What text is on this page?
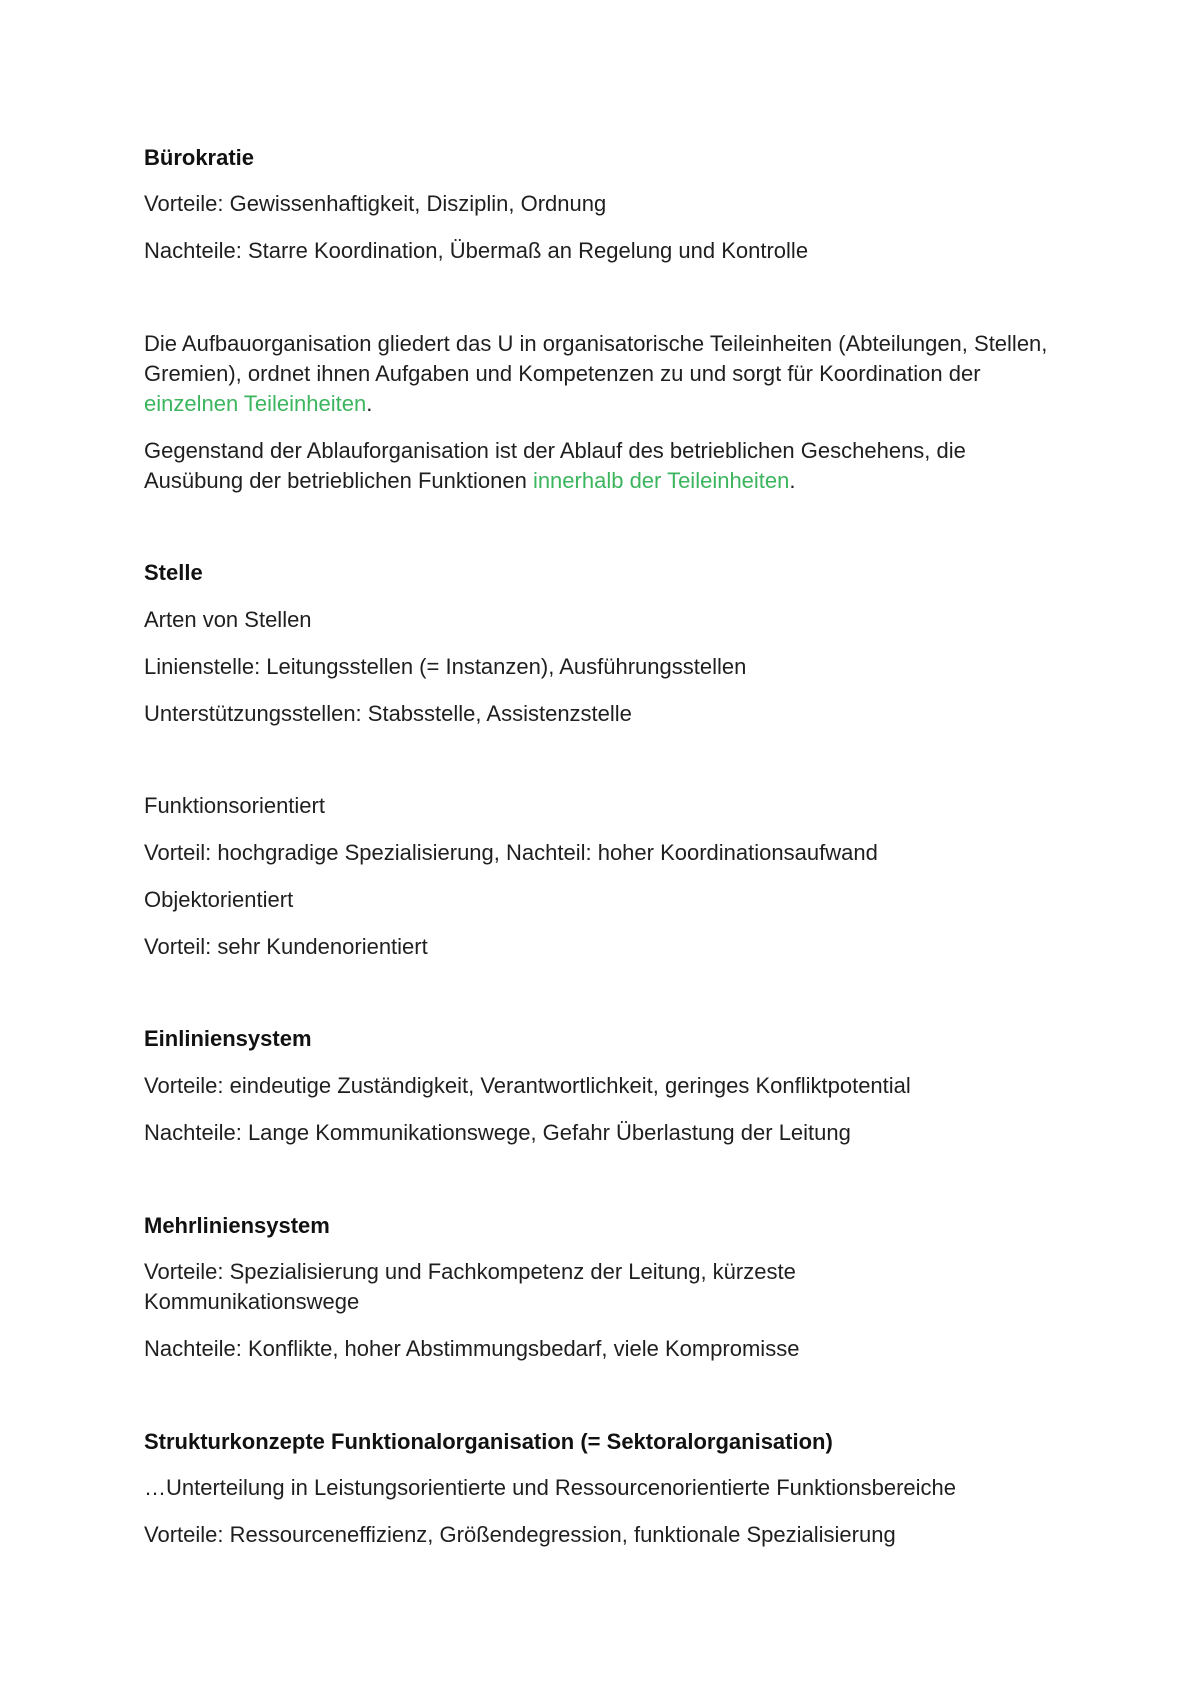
Bürokratie
Vorteile: Gewissenhaftigkeit, Disziplin, Ordnung
Nachteile: Starre Koordination, Übermaß an Regelung und Kontrolle
Die Aufbauorganisation gliedert das U in organisatorische Teileinheiten (Abteilungen, Stellen, Gremien), ordnet ihnen Aufgaben und Kompetenzen zu und sorgt für Koordination der einzelnen Teileinheiten.
Gegenstand der Ablauforganisation ist der Ablauf des betrieblichen Geschehens, die Ausübung der betrieblichen Funktionen innerhalb der Teileinheiten.
Stelle
Arten von Stellen
Linienstelle: Leitungsstellen (= Instanzen), Ausführungsstellen
Unterstützungsstellen: Stabsstelle, Assistenzstelle
Funktionsorientiert
Vorteil: hochgradige Spezialisierung, Nachteil: hoher Koordinationsaufwand
Objektorientiert
Vorteil: sehr Kundenorientiert
Einliniensystem
Vorteile: eindeutige Zuständigkeit, Verantwortlichkeit, geringes Konfliktpotential
Nachteile: Lange Kommunikationswege, Gefahr Überlastung der Leitung
Mehrliniensystem
Vorteile: Spezialisierung und Fachkompetenz der Leitung, kürzeste Kommunikationswege
Nachteile: Konflikte, hoher Abstimmungsbedarf, viele Kompromisse
Strukturkonzepte Funktionalorganisation (= Sektoralorganisation)
…Unterteilung in Leistungsorientierte und Ressourcenorientierte Funktionsbereiche
Vorteile: Ressourceneffizienz, Größendegression, funktionale Spezialisierung
